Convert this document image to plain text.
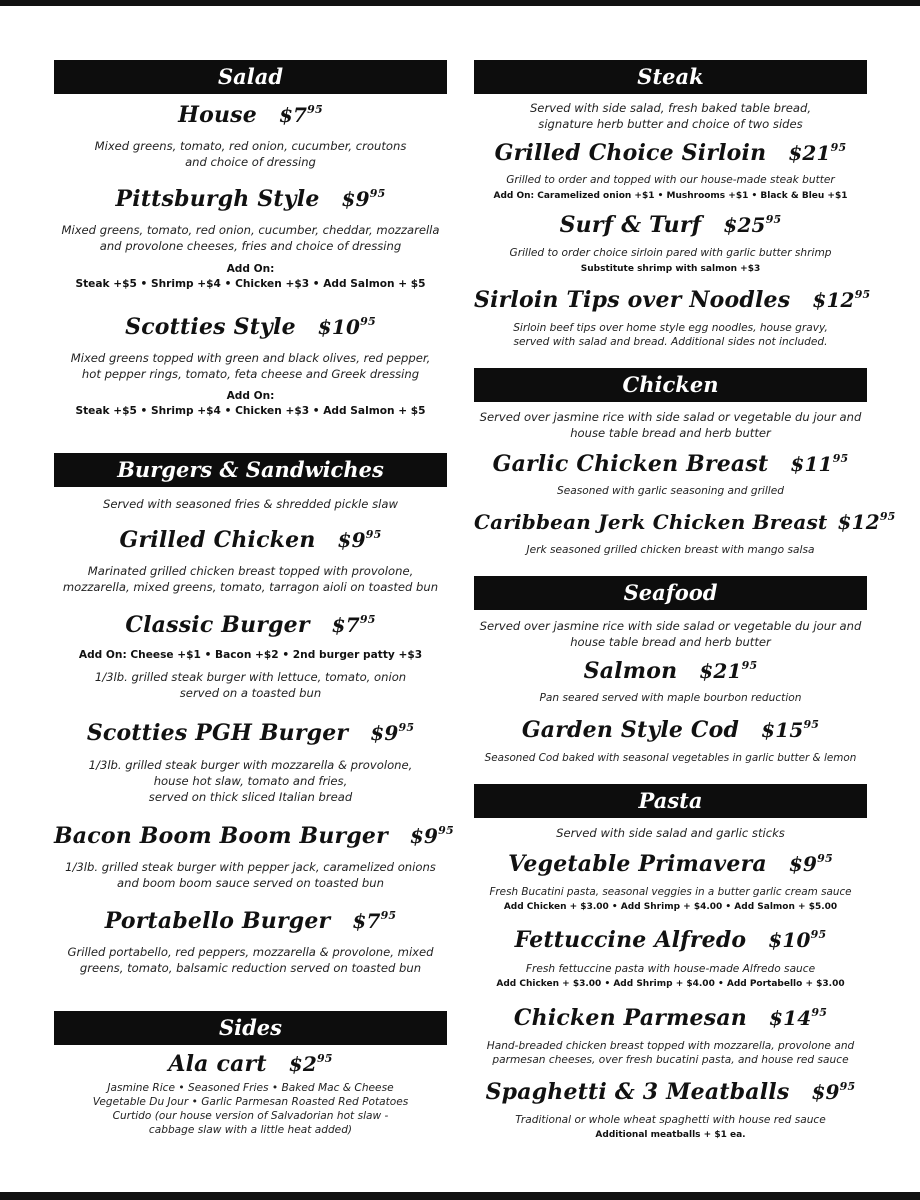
Salad
House $\$7^{95}$
Mixed greens, tomato, red onion, cucumber, croutons
and choice of dressing
Pittsburgh Style $\$9^{95}$
Mixed greens, tomato, red onion, cucumber, cheddar, mozzarella
and provolone cheeses, fries and choice of dressing
Add On:
Steak +$5 • Shrimp +$4 • Chicken +$3 • Add Salmon + $5
Scotties Style $\$10^{95}$
Mixed greens topped with green and black olives, red pepper,
hot pepper rings, tomato, feta cheese and Greek dressing
Add On:
Steak +$5 • Shrimp +$4 • Chicken +$3 • Add Salmon + $5
Burgers & Sandwiches
Served with seasoned fries & shredded pickle slaw
Grilled Chicken $\$9^{95}$
Marinated grilled chicken breast topped with provolone,
mozzarella, mixed greens, tomato, tarragon aioli on toasted bun
Classic Burger $\$7^{95}$
Add On: Cheese +$1 • Bacon +$2 • 2nd burger patty +$3
1/3lb. grilled steak burger with lettuce, tomato, onion
served on a toasted bun
Scotties PGH Burger $\$9^{95}$
1/3lb. grilled steak burger with mozzarella & provolone,
house hot slaw, tomato and fries,
served on thick sliced Italian bread
Bacon Boom Boom Burger $\$9^{95}$
1/3lb. grilled steak burger with pepper jack, caramelized onions
and boom boom sauce served on toasted bun
Portabello Burger $\$7^{95}$
Grilled portabello, red peppers, mozzarella & provolone, mixed
greens, tomato, balsamic reduction served on toasted bun
Sides
Ala cart $\$2^{95}$
Jasmine Rice • Seasoned Fries • Baked Mac & Cheese
Vegetable Du Jour • Garlic Parmesan Roasted Red Potatoes
Curtido (our house version of Salvadorian hot slaw -
cabbage slaw with a little heat added)
Steak
Served with side salad, fresh baked table bread,
signature herb butter and choice of two sides
Grilled Choice Sirloin $\$21^{95}$
Grilled to order and topped with our house-made steak butter
Add On: Caramelized onion +$1 • Mushrooms +$1 • Black & Bleu +$1
Surf & Turf $\$25^{95}$
Grilled to order choice sirloin pared with garlic butter shrimp
Substitute shrimp with salmon +$3
Sirloin Tips over Noodles $\$12^{95}$
Sirloin beef tips over home style egg noodles, house gravy,
served with salad and bread. Additional sides not included.
Chicken
Served over jasmine rice with side salad or vegetable du jour and
house table bread and herb butter
Garlic Chicken Breast $\$11^{95}$
Seasoned with garlic seasoning and grilled
Caribbean Jerk Chicken Breast $\$12^{95}$
Jerk seasoned grilled chicken breast with mango salsa
Seafood
Served over jasmine rice with side salad or vegetable du jour and
house table bread and herb butter
Salmon $\$21^{95}$
Pan seared served with maple bourbon reduction
Garden Style Cod $\$15^{95}$
Seasoned Cod baked with seasonal vegetables in garlic butter & lemon
Pasta
Served with side salad and garlic sticks
Vegetable Primavera $\$9^{95}$
Fresh Bucatini pasta, seasonal veggies in a butter garlic cream sauce
Add Chicken + $3.00 • Add Shrimp + $4.00 • Add Salmon + $5.00
Fettuccine Alfredo $\$10^{95}$
Fresh fettuccine pasta with house-made Alfredo sauce
Add Chicken + $3.00 • Add Shrimp + $4.00 • Add Portabello + $3.00
Chicken Parmesan $\$14^{95}$
Hand-breaded chicken breast topped with mozzarella, provolone and
parmesan cheeses, over fresh bucatini pasta, and house red sauce
Spaghetti & 3 Meatballs $\$9^{95}$
Traditional or whole wheat spaghetti with house red sauce
Additional meatballs + $1 ea.
